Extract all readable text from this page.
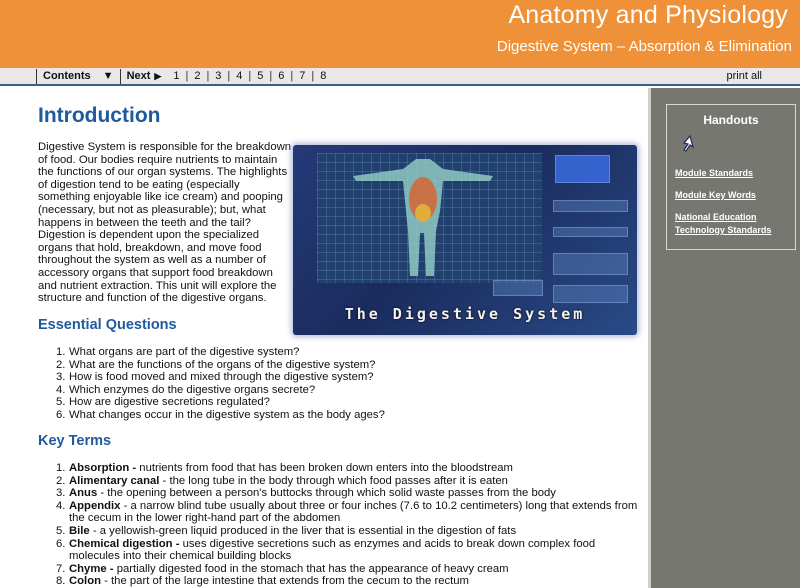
Anatomy and Physiology
Digestive System – Absorption & Elimination
Contents ▼ Next ▶	1 | 2 | 3 | 4 | 5 | 6 | 7 | 8	print all
Introduction

Digestive System is responsible for the breakdown of food. Our bodies require nutrients to maintain the functions of our organ systems. The highlights of digestion tend to be eating (especially something enjoyable like ice cream) and pooping (necessary, but not as pleasurable); but, what happens in between the teeth and the tail? Digestion is dependent upon the specialized organs that hold, breakdown, and move food throughout the system as well as a number of accessory organs that support food breakdown and nutrient extraction. This unit will explore the structure and function of the digestive organs.

The Digestive System
Essential Questions
1. What organs are part of the digestive system?
2. What are the functions of the organs of the digestive system?
3. How is food moved and mixed through the digestive system?
4. Which enzymes do the digestive organs secrete?
5. How are digestive secretions regulated?
6. What changes occur in the digestive system as the body ages?
Key Terms
1. Absorption - nutrients from food that has been broken down enters into the bloodstream
2. Alimentary canal - the long tube in the body through which food passes after it is eaten
3. Anus - the opening between a person's buttocks through which solid waste passes from the body
4. Appendix - a narrow blind tube usually about three or four inches (7.6 to 10.2 centimeters) long that extends from the cecum in the lower right-hand part of the abdomen
5. Bile - a yellowish-green liquid produced in the liver that is essential in the digestion of fats
6. Chemical digestion - uses digestive secretions such as enzymes and acids to break down complex food molecules into their chemical building blocks
7. Chyme - partially digested food in the stomach that has the appearance of heavy cream
8. Colon - the part of the large intestine that extends from the cecum to the rectum
Handouts
Module Standards
Module Key Words
National Education
Technology Standards
